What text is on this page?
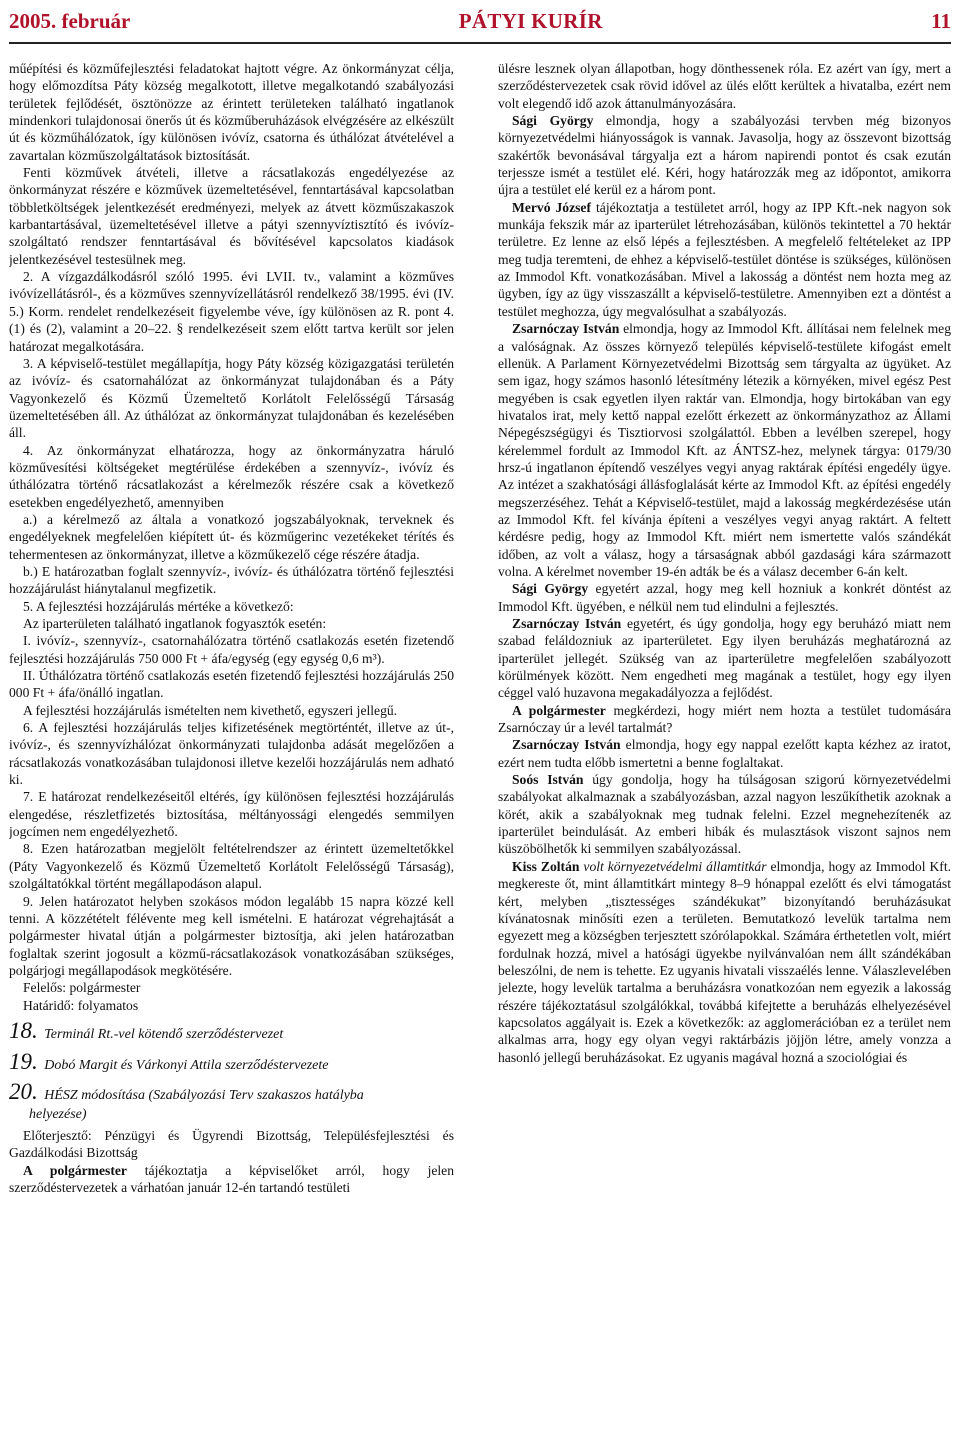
2005. február	PÁTYI KURÍR	11

műépítési és közműfejlesztési feladatokat hajtott végre. Az önkormányzat célja, hogy előmozdítsa Páty község megalkotott, illetve megalkotandó szabályozási területek fejlődését, ösztönözze az érintett területeken található ingatlanok mindenkori tulajdonosai önerős út és közműberuházások elvégzésére az elkészült út és közműhálózatok, így különösen ivóvíz, csatorna és úthálózat átvételével a zavartalan közműszolgáltatások biztosítását.

Fenti közművek átvételi, illetve a rácsatlakozás engedélyezése az önkormányzat részére e közművek üzemeltetésével, fenntartásával kapcsolatban többletköltségek jelentkezését eredményezi, melyek az átvett közműszakaszok karbantartásával, üzemeltetésével illetve a pátyi szennyvíztisztító és ivóvíz-szolgáltató rendszer fenntartásával és bővítésével kapcsolatos kiadások jelentkezésével testesülnek meg.

2. A vízgazdálkodásról szóló 1995. évi LVII. tv., valamint a közműves ivóvízellátásról-, és a közműves szennyvízellátásról rendelkező 38/1995. évi (IV. 5.) Korm. rendelet rendelkezéseit figyelembe véve, így különösen az R. pont 4. (1) és (2), valamint a 20–22. § rendelkezéseit szem előtt tartva került sor jelen határozat megalkotására.

3. A képviselő-testület megállapítja, hogy Páty község közigazgatási területén az ivóvíz- és csatornahálózat az önkormányzat tulajdonában és a Páty Vagyonkezelő és Közmű Üzemeltető Korlátolt Felelősségű Társaság üzemeltetésében áll. Az úthálózat az önkormányzat tulajdonában és kezelésében áll.

4. Az önkormányzat elhatározza, hogy az önkormányzatra háruló közművesítési költségeket megtérülése érdekében a szennyvíz-, ivóvíz és úthálózatra történő rácsatlakozást a kérelmezők részére csak a következő esetekben engedélyezhető, amennyiben

a.) a kérelmező az általa a vonatkozó jogszabályoknak, terveknek és engedélyeknek megfelelően kiépített út- és közműgerinc vezetékeket térítés és tehermentesen az önkormányzat, illetve a közműkezelő cége részére átadja.

b.) E határozatban foglalt szennyvíz-, ivóvíz- és úthálózatra történő fejlesztési hozzájárulást hiánytalanul megfizetik.

5. A fejlesztési hozzájárulás mértéke a következő:

Az iparterületen található ingatlanok fogyasztók esetén:

I. ivóvíz-, szennyvíz-, csatornahálózatra történő csatlakozás esetén fizetendő fejlesztési hozzájárulás 750 000 Ft + áfa/egység (egy egység 0,6 m³).

II. Úthálózatra történő csatlakozás esetén fizetendő fejlesztési hozzájárulás 250 000 Ft + áfa/önálló ingatlan.

A fejlesztési hozzájárulás ismételten nem kivethető, egyszeri jellegű.

6. A fejlesztési hozzájárulás teljes kifizetésének megtörténtét, illetve az út-, ivóvíz-, és szennyvízhálózat önkormányzati tulajdonba adását megelőzően a rácsatlakozás vonatkozásában tulajdonosi illetve kezelői hozzájárulás nem adható ki.

7. E határozat rendelkezéseitől eltérés, így különösen fejlesztési hozzájárulás elengedése, részletfizetés biztosítása, méltányossági elengedés semmilyen jogcímen nem engedélyezhető.

8. Ezen határozatban megjelölt feltételrendszer az érintett üzemeltetőkkel (Páty Vagyonkezelő és Közmű Üzemeltető Korlátolt Felelősségű Társaság), szolgáltatókkal történt megállapodáson alapul.

9. Jelen határozatot helyben szokásos módon legalább 15 napra közzé kell tenni. A közzétételt félévente meg kell ismételni. E határozat végrehajtását a polgármester hivatal útján a polgármester biztosítja, aki jelen határozatban foglaltak szerint jogosult a közmű-rácsatlakozások vonatkozásában szükséges, polgárjogi megállapodások megkötésére.

Felelős: polgármester

Határidő: folyamatos

18. Terminál Rt.-vel kötendő szerződéstervezet

19. Dobó Margit és Várkonyi Attila szerződéstervezete

20. HÉSZ módosítása (Szabályozási Terv szakaszos hatályba
helyezése)

Előterjesztő: Pénzügyi és Ügyrendi Bizottság, Településfejlesztési és Gazdálkodási Bizottság

A polgármester tájékoztatja a képviselőket arról, hogy jelen szerződéstervezetek a várhatóan január 12-én tartandó testületi

ülésre lesznek olyan állapotban, hogy dönthessenek róla. Ez azért van így, mert a szerződéstervezetek csak rövid idővel az ülés előtt kerültek a hivatalba, ezért nem volt elegendő idő azok áttanulmányozására.

Sági György elmondja, hogy a szabályozási tervben még bizonyos környezetvédelmi hiányosságok is vannak. Javasolja, hogy az összevont bizottság szakértők bevonásával tárgyalja ezt a három napirendi pontot és csak ezután terjessze ismét a testület elé. Kéri, hogy határozzák meg az időpontot, amikorra újra a testület elé kerül ez a három pont.

Mervó József tájékoztatja a testületet arról, hogy az IPP Kft.-nek nagyon sok munkája fekszik már az iparterület létrehozásában, különös tekintettel a 70 hektár területre. Ez lenne az első lépés a fejlesztésben. A megfelelő feltételeket az IPP meg tudja teremteni, de ehhez a képviselő-testület döntése is szükséges, különösen az Immodol Kft. vonatkozásában. Mivel a lakosság a döntést nem hozta meg az ügyben, így az ügy visszaszállt a képviselő-testületre. Amennyiben ezt a döntést a testület meghozza, úgy megvalósulhat a szabályozás.

Zsarnóczay István elmondja, hogy az Immodol Kft. állításai nem felelnek meg a valóságnak. Az összes környező település képviselő-testülete kifogást emelt ellenük. A Parlament Környezetvédelmi Bizottság sem tárgyalta az ügyüket. Az sem igaz, hogy számos hasonló létesítmény létezik a környéken, mivel egész Pest megyében is csak egyetlen ilyen raktár van. Elmondja, hogy birtokában van egy hivatalos irat, mely kettő nappal ezelőtt érkezett az önkormányzathoz az Állami Népegészségügyi és Tisztiorvosi szolgálattól. Ebben a levélben szerepel, hogy kérelemmel fordult az Immodol Kft. az ÁNTSZ-hez, melynek tárgya: 0179/30 hrsz-ú ingatlanon építendő veszélyes vegyi anyag raktárak építési engedély ügye. Az intézet a szakhatósági állásfoglalását kérte az Immodol Kft. az építési engedély megszerzéséhez. Tehát a Képviselő-testület, majd a lakosság megkérdezésése után az Immodol Kft. fel kívánja építeni a veszélyes vegyi anyag raktárt. A feltett kérdésre pedig, hogy az Immodol Kft. miért nem ismertette valós szándékát időben, az volt a válasz, hogy a társaságnak abból gazdasági kára származott volna. A kérelmet november 19-én adták be és a válasz december 6-án kelt.

Sági György egyetért azzal, hogy meg kell hozniuk a konkrét döntést az Immodol Kft. ügyében, e nélkül nem tud elindulni a fejlesztés.

Zsarnóczay István egyetért, és úgy gondolja, hogy egy beruházó miatt nem szabad feláldozniuk az iparterületet. Egy ilyen beruházás meghatározná az iparterület jellegét. Szükség van az iparterületre megfelelően szabályozott körülmények között. Nem engedheti meg magának a testület, hogy egy ilyen céggel való huzavona megakadályozza a fejlődést.

A polgármester megkérdezi, hogy miért nem hozta a testület tudomására Zsarnóczay úr a levél tartalmát?

Zsarnóczay István elmondja, hogy egy nappal ezelőtt kapta kézhez az iratot, ezért nem tudta előbb ismertetni a benne foglaltakat.

Soós István úgy gondolja, hogy ha túlságosan szigorú környezetvédelmi szabályokat alkalmaznak a szabályozásban, azzal nagyon leszűkíthetik azoknak a körét, akik a szabályoknak meg tudnak felelni. Ezzel megnehezítenék az iparterület beindulását. Az emberi hibák és mulasztások viszont sajnos nem küszöbölhetők ki semmilyen szabályozással.

Kiss Zoltán volt környezetvédelmi államtitkár elmondja, hogy az Immodol Kft. megkereste őt, mint államtitkárt mintegy 8–9 hónappal ezelőtt és elvi támogatást kért, melyben „tisztességes szándékukat” bizonyítandó beruházásukat kívánatosnak minősíti ezen a területen. Bemutatkozó levelük tartalma nem egyezett meg a községben terjesztett szórólapokkal. Számára érthetetlen volt, miért fordulnak hozzá, mivel a hatósági ügyekbe nyilvánvalóan nem állt szándékában beleszólni, de nem is tehette. Ez ugyanis hivatali visszaélés lenne. Válaszlevelében jelezte, hogy levelük tartalma a beruházásra vonatkozóan nem egyezik a lakosság részére tájékoztatásul szolgálókkal, továbbá kifejtette a beruházás elhelyezésével kapcsolatos aggályait is. Ezek a következők: az agglomerációban ez a terület nem alkalmas arra, hogy egy olyan vegyi raktárbázis jöjjön létre, amely vonzza a hasonló jellegű beruházásokat. Ez ugyanis magával hozná a szociológiai és
